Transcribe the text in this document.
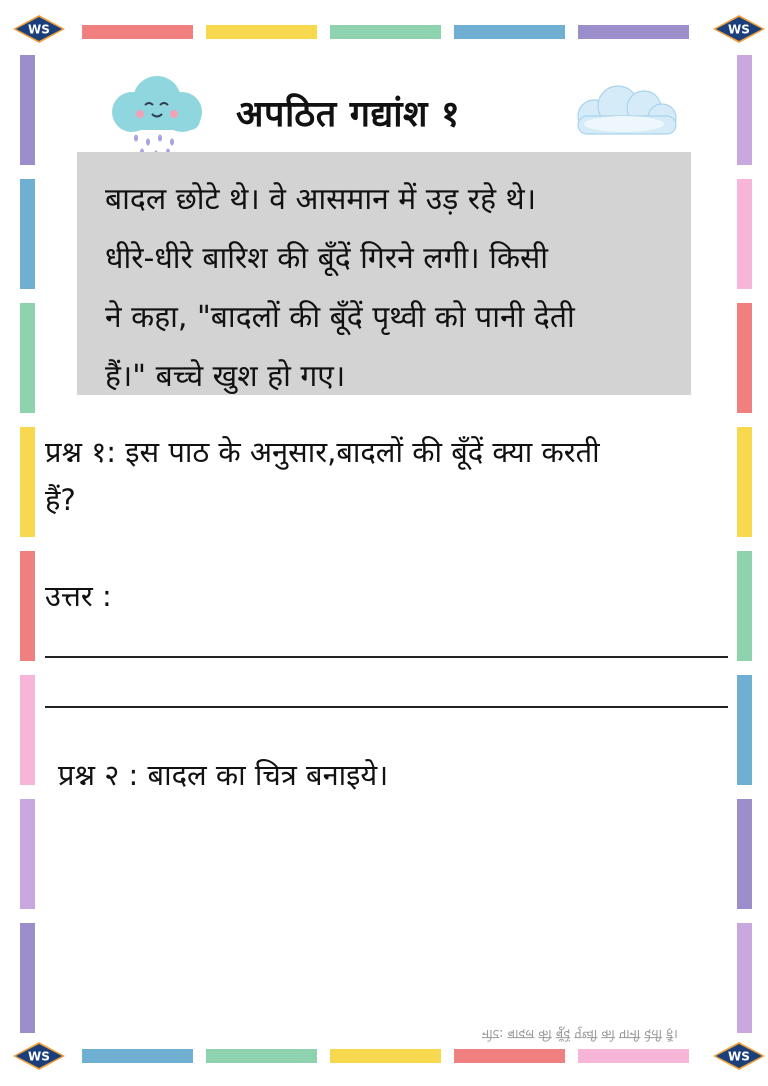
WS	WS
WS	WS
अपठित गद्यांश १

बादल छोटे थे। वे आसमान में उड़ रहे थे।
धीरे-धीरे बारिश की बूँदें गिरने लगी। किसी
ने कहा, "बादलों की बूँदें पृथ्वी को पानी देती
हैं।" बच्चे खुश हो गए।

प्रश्न १: इस पाठ के अनुसार,बादलों की बूँदें क्या करती
हैं?

उत्तर :
प्रश्न २ : बादल का चित्र बनाइये।
नोट: बादल की बूँदें पृथ्वी को पानी देती हैं।
